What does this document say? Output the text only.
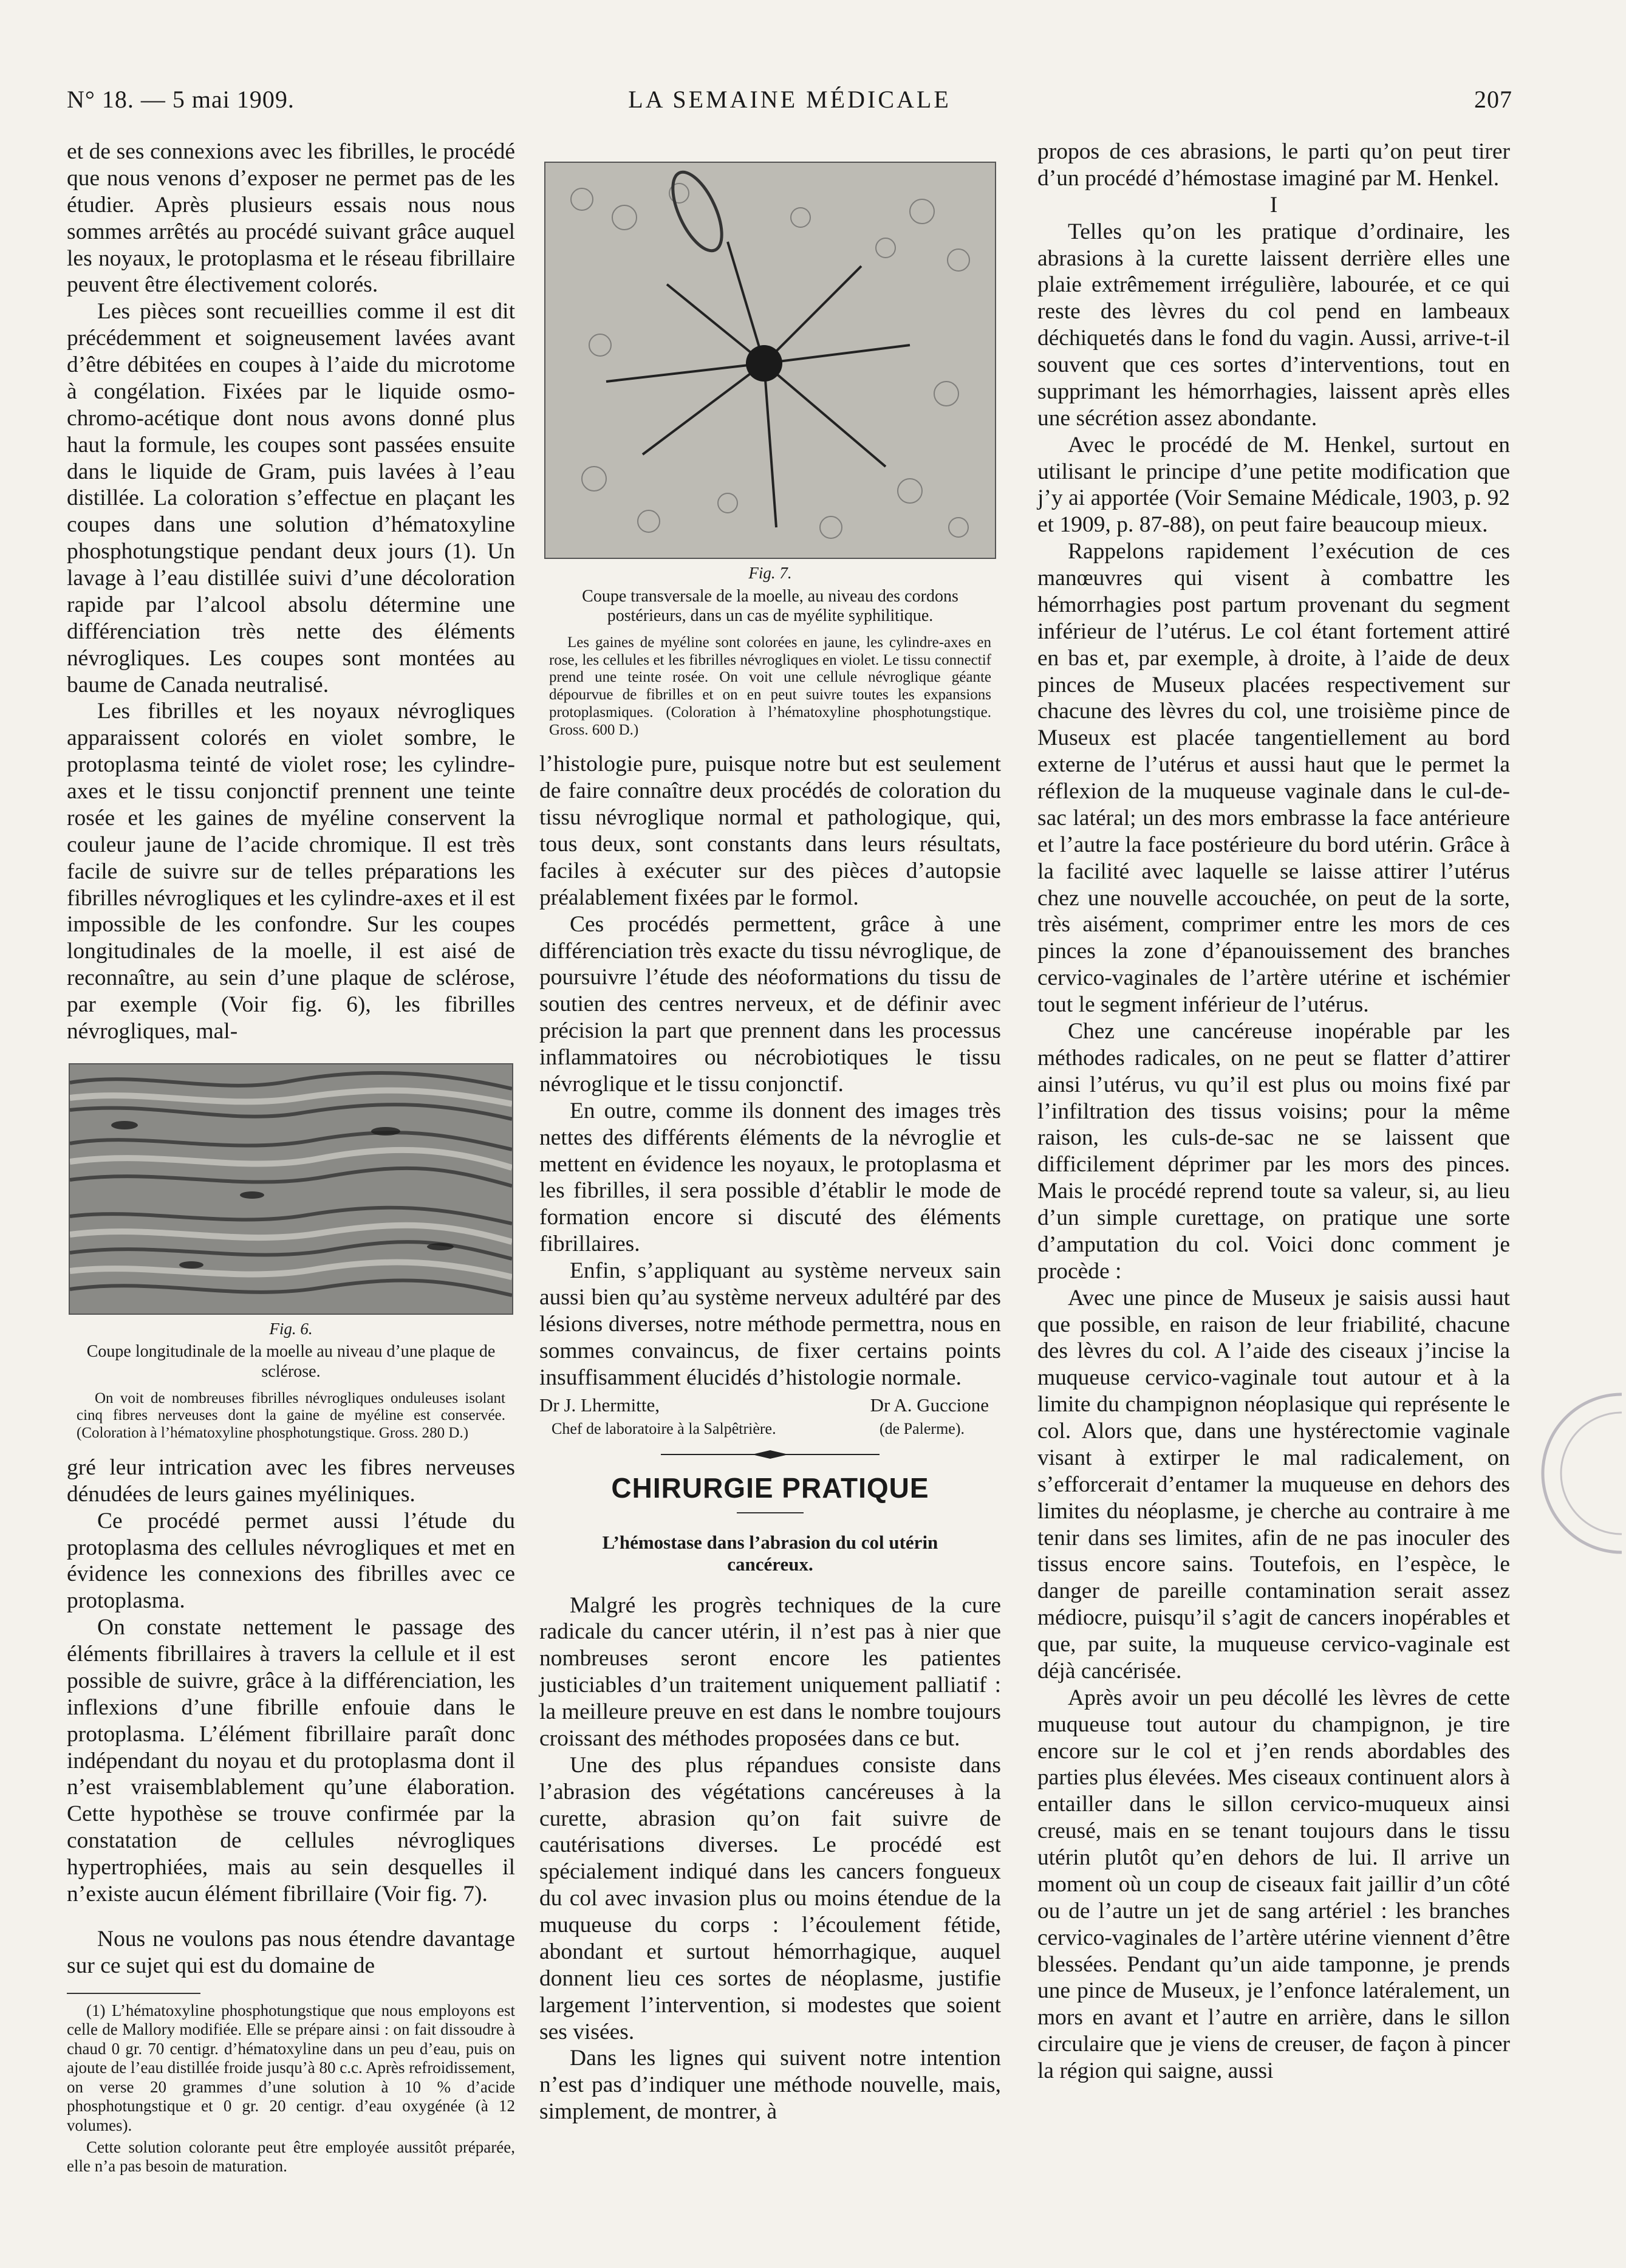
N° 18. — 5 mai 1909.	LA SEMAINE MÉDICALE	207

et de ses connexions avec les fibrilles, le procédé que nous venons d’exposer ne permet pas de les étudier. Après plusieurs essais nous nous sommes arrêtés au procédé suivant grâce auquel les noyaux, le protoplasma et le réseau fibrillaire peuvent être électivement colorés.

Les pièces sont recueillies comme il est dit précédemment et soigneusement lavées avant d’être débitées en coupes à l’aide du microtome à congélation. Fixées par le liquide osmo-chromo-acétique dont nous avons donné plus haut la formule, les coupes sont passées ensuite dans le liquide de Gram, puis lavées à l’eau distillée. La coloration s’effectue en plaçant les coupes dans une solution d’hématoxyline phosphotungstique pendant deux jours (1). Un lavage à l’eau distillée suivi d’une décoloration rapide par l’alcool absolu détermine une différenciation très nette des éléments névrogliques. Les coupes sont montées au baume de Canada neutralisé.

Les fibrilles et les noyaux névrogliques apparaissent colorés en violet sombre, le protoplasma teinté de violet rose; les cylindre-axes et le tissu conjonctif prennent une teinte rosée et les gaines de myéline conservent la couleur jaune de l’acide chromique. Il est très facile de suivre sur de telles préparations les fibrilles névrogliques et les cylindre-axes et il est impossible de les confondre. Sur les coupes longitudinales de la moelle, il est aisé de reconnaître, au sein d’une plaque de sclérose, par exemple (Voir fig. 6), les fibrilles névrogliques, mal-

Fig. 6.
Coupe longitudinale de la moelle au niveau d’une plaque de sclérose.

On voit de nombreuses fibrilles névrogliques onduleuses isolant cinq fibres nerveuses dont la gaine de myéline est conservée. (Coloration à l’hématoxyline phosphotungstique. Gross. 280 D.)

gré leur intrication avec les fibres nerveuses dénudées de leurs gaines myéliniques.

Ce procédé permet aussi l’étude du protoplasma des cellules névrogliques et met en évidence les connexions des fibrilles avec ce protoplasma.

On constate nettement le passage des éléments fibrillaires à travers la cellule et il est possible de suivre, grâce à la différenciation, les inflexions d’une fibrille enfouie dans le protoplasma. L’élément fibrillaire paraît donc indépendant du noyau et du protoplasma dont il n’est vraisemblablement qu’une élaboration. Cette hypothèse se trouve confirmée par la constatation de cellules névrogliques hypertrophiées, mais au sein desquelles il n’existe aucun élément fibrillaire (Voir fig. 7).

Nous ne voulons pas nous étendre davantage sur ce sujet qui est du domaine de

(1) L’hématoxyline phosphotungstique que nous employons est celle de Mallory modifiée. Elle se prépare ainsi : on fait dissoudre à chaud 0 gr. 70 centigr. d’hématoxyline dans un peu d’eau, puis on ajoute de l’eau distillée froide jusqu’à 80 c.c. Après refroidissement, on verse 20 grammes d’une solution à 10 % d’acide phosphotungstique et 0 gr. 20 centigr. d’eau oxygénée (à 12 volumes).

Cette solution colorante peut être employée aussitôt préparée, elle n’a pas besoin de maturation.

Fig. 7.
Coupe transversale de la moelle, au niveau des cordons postérieurs, dans un cas de myélite syphilitique.

Les gaines de myéline sont colorées en jaune, les cylindre-axes en rose, les cellules et les fibrilles névrogliques en violet. Le tissu connectif prend une teinte rosée. On voit une cellule névroglique géante dépourvue de fibrilles et on en peut suivre toutes les expansions protoplasmiques. (Coloration à l’hématoxyline phosphotungstique. Gross. 600 D.)

l’histologie pure, puisque notre but est seulement de faire connaître deux procédés de coloration du tissu névroglique normal et pathologique, qui, tous deux, sont constants dans leurs résultats, faciles à exécuter sur des pièces d’autopsie préalablement fixées par le formol.

Ces procédés permettent, grâce à une différenciation très exacte du tissu névroglique, de poursuivre l’étude des néoformations du tissu de soutien des centres nerveux, et de définir avec précision la part que prennent dans les processus inflammatoires ou nécrobiotiques le tissu névroglique et le tissu conjonctif.

En outre, comme ils donnent des images très nettes des différents éléments de la névroglie et mettent en évidence les noyaux, le protoplasma et les fibrilles, il sera possible d’établir le mode de formation encore si discuté des éléments fibrillaires.

Enfin, s’appliquant au système nerveux sain aussi bien qu’au système nerveux adultéré par des lésions diverses, notre méthode permettra, nous en sommes convaincus, de fixer certains points insuffisamment élucidés d’histologie normale.

Dr J. Lhermitte,	Dr A. Guccione
Chef de laboratoire à la Salpêtrière.	(de Palerme).
CHIRURGIE PRATIQUE
L’hémostase dans l’abrasion du col utérin cancéreux.

Malgré les progrès techniques de la cure radicale du cancer utérin, il n’est pas à nier que nombreuses seront encore les patientes justiciables d’un traitement uniquement palliatif : la meilleure preuve en est dans le nombre toujours croissant des méthodes proposées dans ce but.

Une des plus répandues consiste dans l’abrasion des végétations cancéreuses à la curette, abrasion qu’on fait suivre de cautérisations diverses. Le procédé est spécialement indiqué dans les cancers fongueux du col avec invasion plus ou moins étendue de la muqueuse du corps : l’écoulement fétide, abondant et surtout hémorrhagique, auquel donnent lieu ces sortes de néoplasme, justifie largement l’intervention, si modestes que soient ses visées.

Dans les lignes qui suivent notre intention n’est pas d’indiquer une méthode nouvelle, mais, simplement, de montrer, à

propos de ces abrasions, le parti qu’on peut tirer d’un procédé d’hémostase imaginé par M. Henkel.

I

Telles qu’on les pratique d’ordinaire, les abrasions à la curette laissent derrière elles une plaie extrêmement irrégulière, labourée, et ce qui reste des lèvres du col pend en lambeaux déchiquetés dans le fond du vagin. Aussi, arrive-t-il souvent que ces sortes d’interventions, tout en supprimant les hémorrhagies, laissent après elles une sécrétion assez abondante.

Avec le procédé de M. Henkel, surtout en utilisant le principe d’une petite modification que j’y ai apportée (Voir Semaine Médicale, 1903, p. 92 et 1909, p. 87-88), on peut faire beaucoup mieux.

Rappelons rapidement l’exécution de ces manœuvres qui visent à combattre les hémorrhagies post partum provenant du segment inférieur de l’utérus. Le col étant fortement attiré en bas et, par exemple, à droite, à l’aide de deux pinces de Museux placées respectivement sur chacune des lèvres du col, une troisième pince de Museux est placée tangentiellement au bord externe de l’utérus et aussi haut que le permet la réflexion de la muqueuse vaginale dans le cul-de-sac latéral; un des mors embrasse la face antérieure et l’autre la face postérieure du bord utérin. Grâce à la facilité avec laquelle se laisse attirer l’utérus chez une nouvelle accouchée, on peut de la sorte, très aisément, comprimer entre les mors de ces pinces la zone d’épanouissement des branches cervico-vaginales de l’artère utérine et ischémier tout le segment inférieur de l’utérus.

Chez une cancéreuse inopérable par les méthodes radicales, on ne peut se flatter d’attirer ainsi l’utérus, vu qu’il est plus ou moins fixé par l’infiltration des tissus voisins; pour la même raison, les culs-de-sac ne se laissent que difficilement déprimer par les mors des pinces. Mais le procédé reprend toute sa valeur, si, au lieu d’un simple curettage, on pratique une sorte d’amputation du col. Voici donc comment je procède :

Avec une pince de Museux je saisis aussi haut que possible, en raison de leur friabilité, chacune des lèvres du col. A l’aide des ciseaux j’incise la muqueuse cervico-vaginale tout autour et à la limite du champignon néoplasique qui représente le col. Alors que, dans une hystérectomie vaginale visant à extirper le mal radicalement, on s’efforcerait d’entamer la muqueuse en dehors des limites du néoplasme, je cherche au contraire à me tenir dans ses limites, afin de ne pas inoculer des tissus encore sains. Toutefois, en l’espèce, le danger de pareille contamination serait assez médiocre, puisqu’il s’agit de cancers inopérables et que, par suite, la muqueuse cervico-vaginale est déjà cancérisée.

Après avoir un peu décollé les lèvres de cette muqueuse tout autour du champignon, je tire encore sur le col et j’en rends abordables des parties plus élevées. Mes ciseaux continuent alors à entailler dans le sillon cervico-muqueux ainsi creusé, mais en se tenant toujours dans le tissu utérin plutôt qu’en dehors de lui. Il arrive un moment où un coup de ciseaux fait jaillir d’un côté ou de l’autre un jet de sang artériel : les branches cervico-vaginales de l’artère utérine viennent d’être blessées. Pendant qu’un aide tamponne, je prends une pince de Museux, je l’enfonce latéralement, un mors en avant et l’autre en arrière, dans le sillon circulaire que je viens de creuser, de façon à pincer la région qui saigne, aussi
